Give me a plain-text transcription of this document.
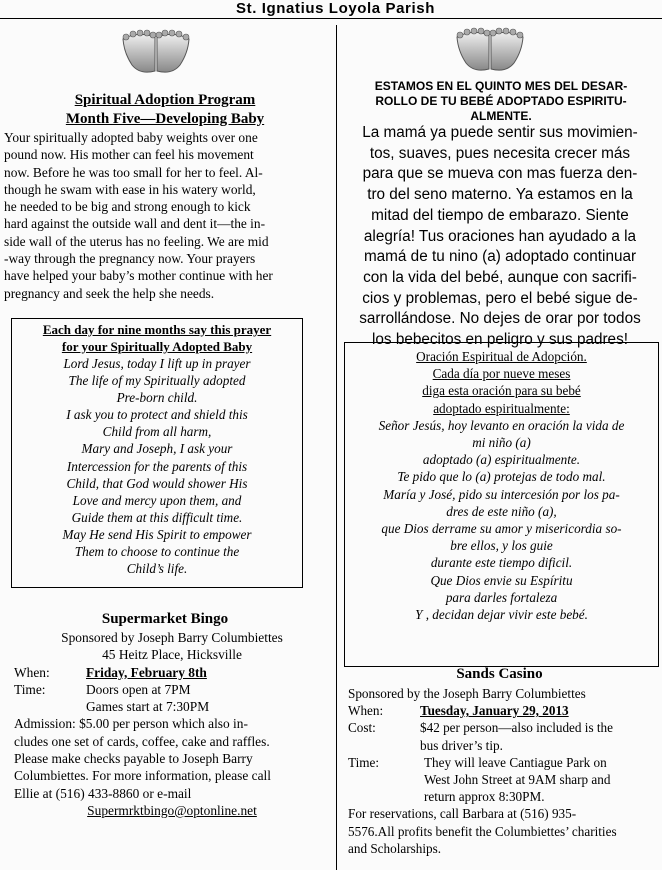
St. Ignatius Loyola Parish
Spiritual Adoption Program
Month Five—Developing Baby
Your spiritually adopted baby weights over one
pound now. His mother can feel his movement
now. Before he was too small for her to feel. Al-
though he swam with ease in his watery world,
he needed to be big and strong enough to kick
hard against the outside wall and dent it—the in-
side wall of the uterus has no feeling. We are mid
-way through the pregnancy now. Your prayers
have helped your baby’s mother continue with her
pregnancy and seek the help she needs.
Each day for nine months say this prayer
for your Spiritually Adopted Baby
Lord Jesus, today I lift up in prayer
The life of my Spiritually adopted
Pre-born child.
I ask you to protect and shield this
Child from all harm,
Mary and Joseph, I ask your
Intercession for the parents of this
Child, that God would shower His
Love and mercy upon them, and
Guide them at this difficult time.
May He send His Spirit to empower
Them to choose to continue the
Child’s life.
Supermarket Bingo
Sponsored by Joseph Barry Columbiettes
45 Heitz Place, Hicksville
When:	Friday, February 8th
Time:	Doors open at 7PM
Games start at 7:30PM
Admission: $5.00 per person which also in-
cludes one set of cards, coffee, cake and raffles.
Please make checks payable to Joseph Barry
Columbiettes. For more information, please call
Ellie at (516) 433-8860 or e-mail
Supermrktbingo@optonline.net
ESTAMOS EN EL QUINTO MES DEL DESAR-
ROLLO DE TU BEBÉ ADOPTADO ESPIRITU-
ALMENTE.
La mamá ya puede sentir sus movimien-
tos, suaves, pues necesita crecer más
para que se mueva con mas fuerza den-
tro del seno materno. Ya estamos en la
mitad del tiempo de embarazo. Siente
alegría! Tus oraciones han ayudado a la
mamá de tu nino (a) adoptado continuar
con la vida del bebé, aunque con sacrifi-
cios y problemas, pero el bebé sigue de-
sarrollándose. No dejes de orar por todos
los bebecitos en peligro y sus padres!
Oración Espiritual de Adopción.
Cada día por nueve meses
diga esta oración para su bebé
adoptado espiritualmente:
Señor Jesús, hoy levanto en oración la vida de
mi niño (a)
adoptado (a) espiritualmente.
Te pido que lo (a) protejas de todo mal.
María y José, pido su intercesión por los pa-
dres de este niño (a),
que Dios derrame su amor y misericordia so-
bre ellos, y los guie
durante este tiempo dificil.
Que Dios envie su Espíritu
para darles fortaleza
Y , decidan dejar vivir este bebé.
Sands Casino
Sponsored by the Joseph Barry Columbiettes
When:	Tuesday, January 29, 2013
Cost:	$42 per person—also included is the
bus driver’s tip.
Time:	They will leave Cantiague Park on
West John Street at 9AM sharp and
return approx 8:30PM.
For reservations, call Barbara at (516) 935-
5576.All profits benefit the Columbiettes’ charities
and Scholarships.
